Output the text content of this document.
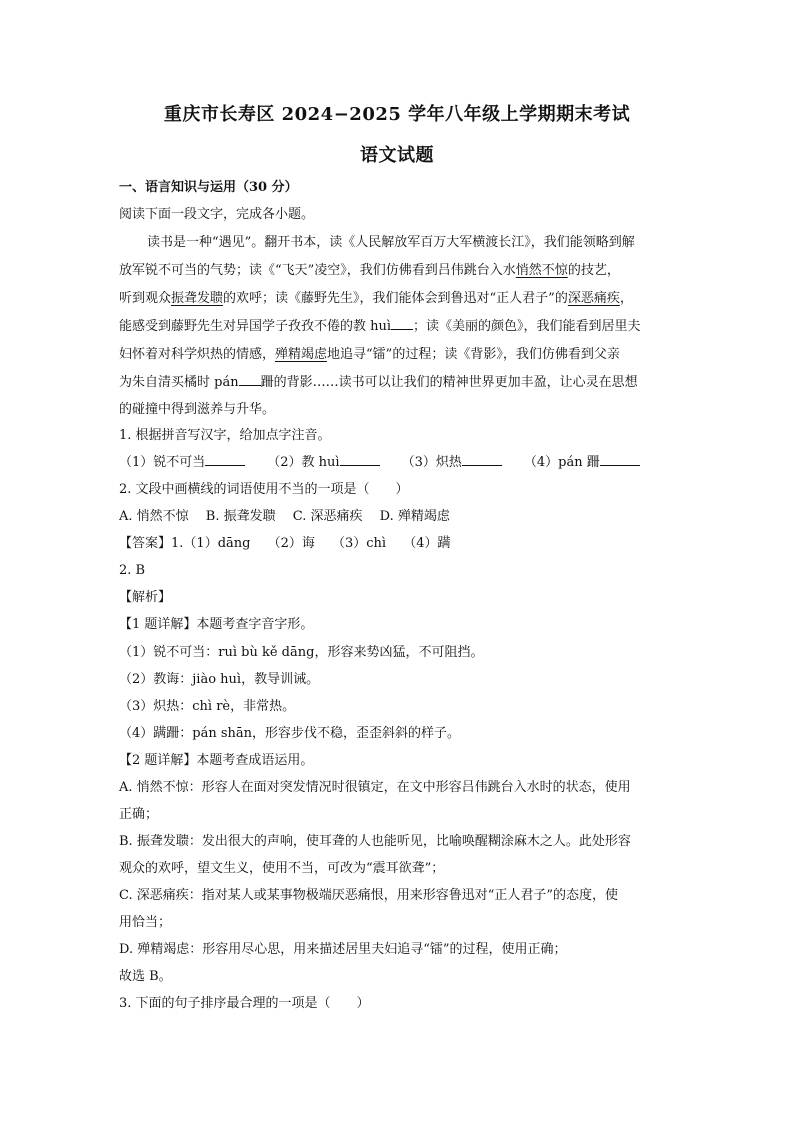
重庆市长寿区 2024−2025 学年八年级上学期期末考试
语文试题
一、语言知识与运用（30 分）
阅读下面一段文字，完成各小题。
读书是一种“遇见”。翻开书本，读《人民解放军百万大军横渡长江》，我们能领略到解
放军锐不可当的气势；读《“飞天”凌空》，我们仿佛看到吕伟跳台入水悄然不惊的技艺，
听到观众振聋发聩的欢呼；读《藤野先生》，我们能体会到鲁迅对“正人君子”的深恶痛疾，
能感受到藤野先生对异国学子孜孜不倦的教 huì ；读《美丽的颜色》，我们能看到居里夫
妇怀着对科学炽热的情感，殚精竭虑地追寻“镭”的过程；读《背影》，我们仿佛看到父亲
为朱自清买橘时 pán 跚的背影……读书可以让我们的精神世界更加丰盈，让心灵在思想
的碰撞中得到滋养与升华。
1. 根据拼音写汉字，给加点字注音。
（1）锐不可当	（2）教 huì	（3）炽热	（4）pán 跚
2. 文段中画横线的词语使用不当的一项是（　　）
A. 悄然不惊　 B. 振聋发聩　 C. 深恶痛疾　 D. 殚精竭虑
【答案】1.（1）dāng　 （2）诲　 （3）chì　 （4）蹒
2. B
【解析】
【1 题详解】本题考查字音字形。
（1）锐不可当：ruì bù kě dāng，形容来势凶猛，不可阻挡。
（2）教诲：jiào huì，教导训诫。
（3）炽热：chì rè，非常热。
（4）蹒跚：pán shān，形容步伐不稳，歪歪斜斜的样子。
【2 题详解】本题考查成语运用。
A. 悄然不惊：形容人在面对突发情况时很镇定，在文中形容吕伟跳台入水时的状态，使用
正确；
B. 振聋发聩：发出很大的声响，使耳聋的人也能听见，比喻唤醒糊涂麻木之人。此处形容
观众的欢呼，望文生义，使用不当，可改为“震耳欲聋”；
C. 深恶痛疾：指对某人或某事物极端厌恶痛恨，用来形容鲁迅对“正人君子”的态度，使
用恰当；
D. 殚精竭虑：形容用尽心思，用来描述居里夫妇追寻“镭”的过程，使用正确；
故选 B。
3. 下面的句子排序最合理的一项是（　　）
